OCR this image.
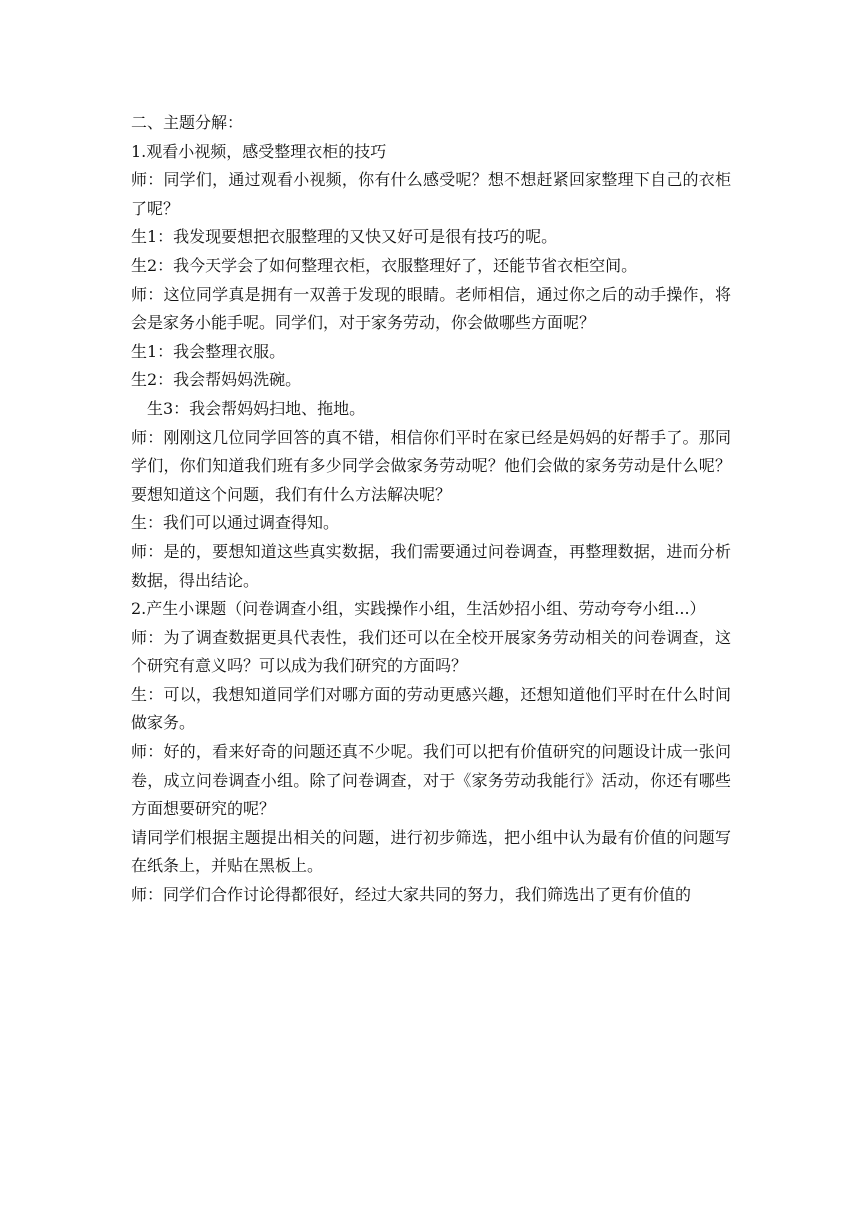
二、主题分解：

1.观看小视频，感受整理衣柜的技巧

师：同学们，通过观看小视频，你有什么感受呢？想不想赶紧回家整理下自己的衣柜了呢？

生1：我发现要想把衣服整理的又快又好可是很有技巧的呢。

生2：我今天学会了如何整理衣柜，衣服整理好了，还能节省衣柜空间。

师：这位同学真是拥有一双善于发现的眼睛。老师相信，通过你之后的动手操作，将会是家务小能手呢。同学们，对于家务劳动，你会做哪些方面呢？

生1：我会整理衣服。

生2：我会帮妈妈洗碗。

生3：我会帮妈妈扫地、拖地。

师：刚刚这几位同学回答的真不错，相信你们平时在家已经是妈妈的好帮手了。那同学们，你们知道我们班有多少同学会做家务劳动呢？他们会做的家务劳动是什么呢？要想知道这个问题，我们有什么方法解决呢？

生：我们可以通过调查得知。

师：是的，要想知道这些真实数据，我们需要通过问卷调查，再整理数据，进而分析数据，得出结论。

2.产生小课题（问卷调查小组，实践操作小组，生活妙招小组、劳动夸夸小组...）

师：为了调查数据更具代表性，我们还可以在全校开展家务劳动相关的问卷调查，这个研究有意义吗？可以成为我们研究的方面吗？

生：可以，我想知道同学们对哪方面的劳动更感兴趣，还想知道他们平时在什么时间做家务。

师：好的，看来好奇的问题还真不少呢。我们可以把有价值研究的问题设计成一张问卷，成立问卷调查小组。除了问卷调查，对于《家务劳动我能行》活动，你还有哪些方面想要研究的呢？

请同学们根据主题提出相关的问题，进行初步筛选，把小组中认为最有价值的问题写在纸条上，并贴在黑板上。

师：同学们合作讨论得都很好，经过大家共同的努力，我们筛选出了更有价值的
